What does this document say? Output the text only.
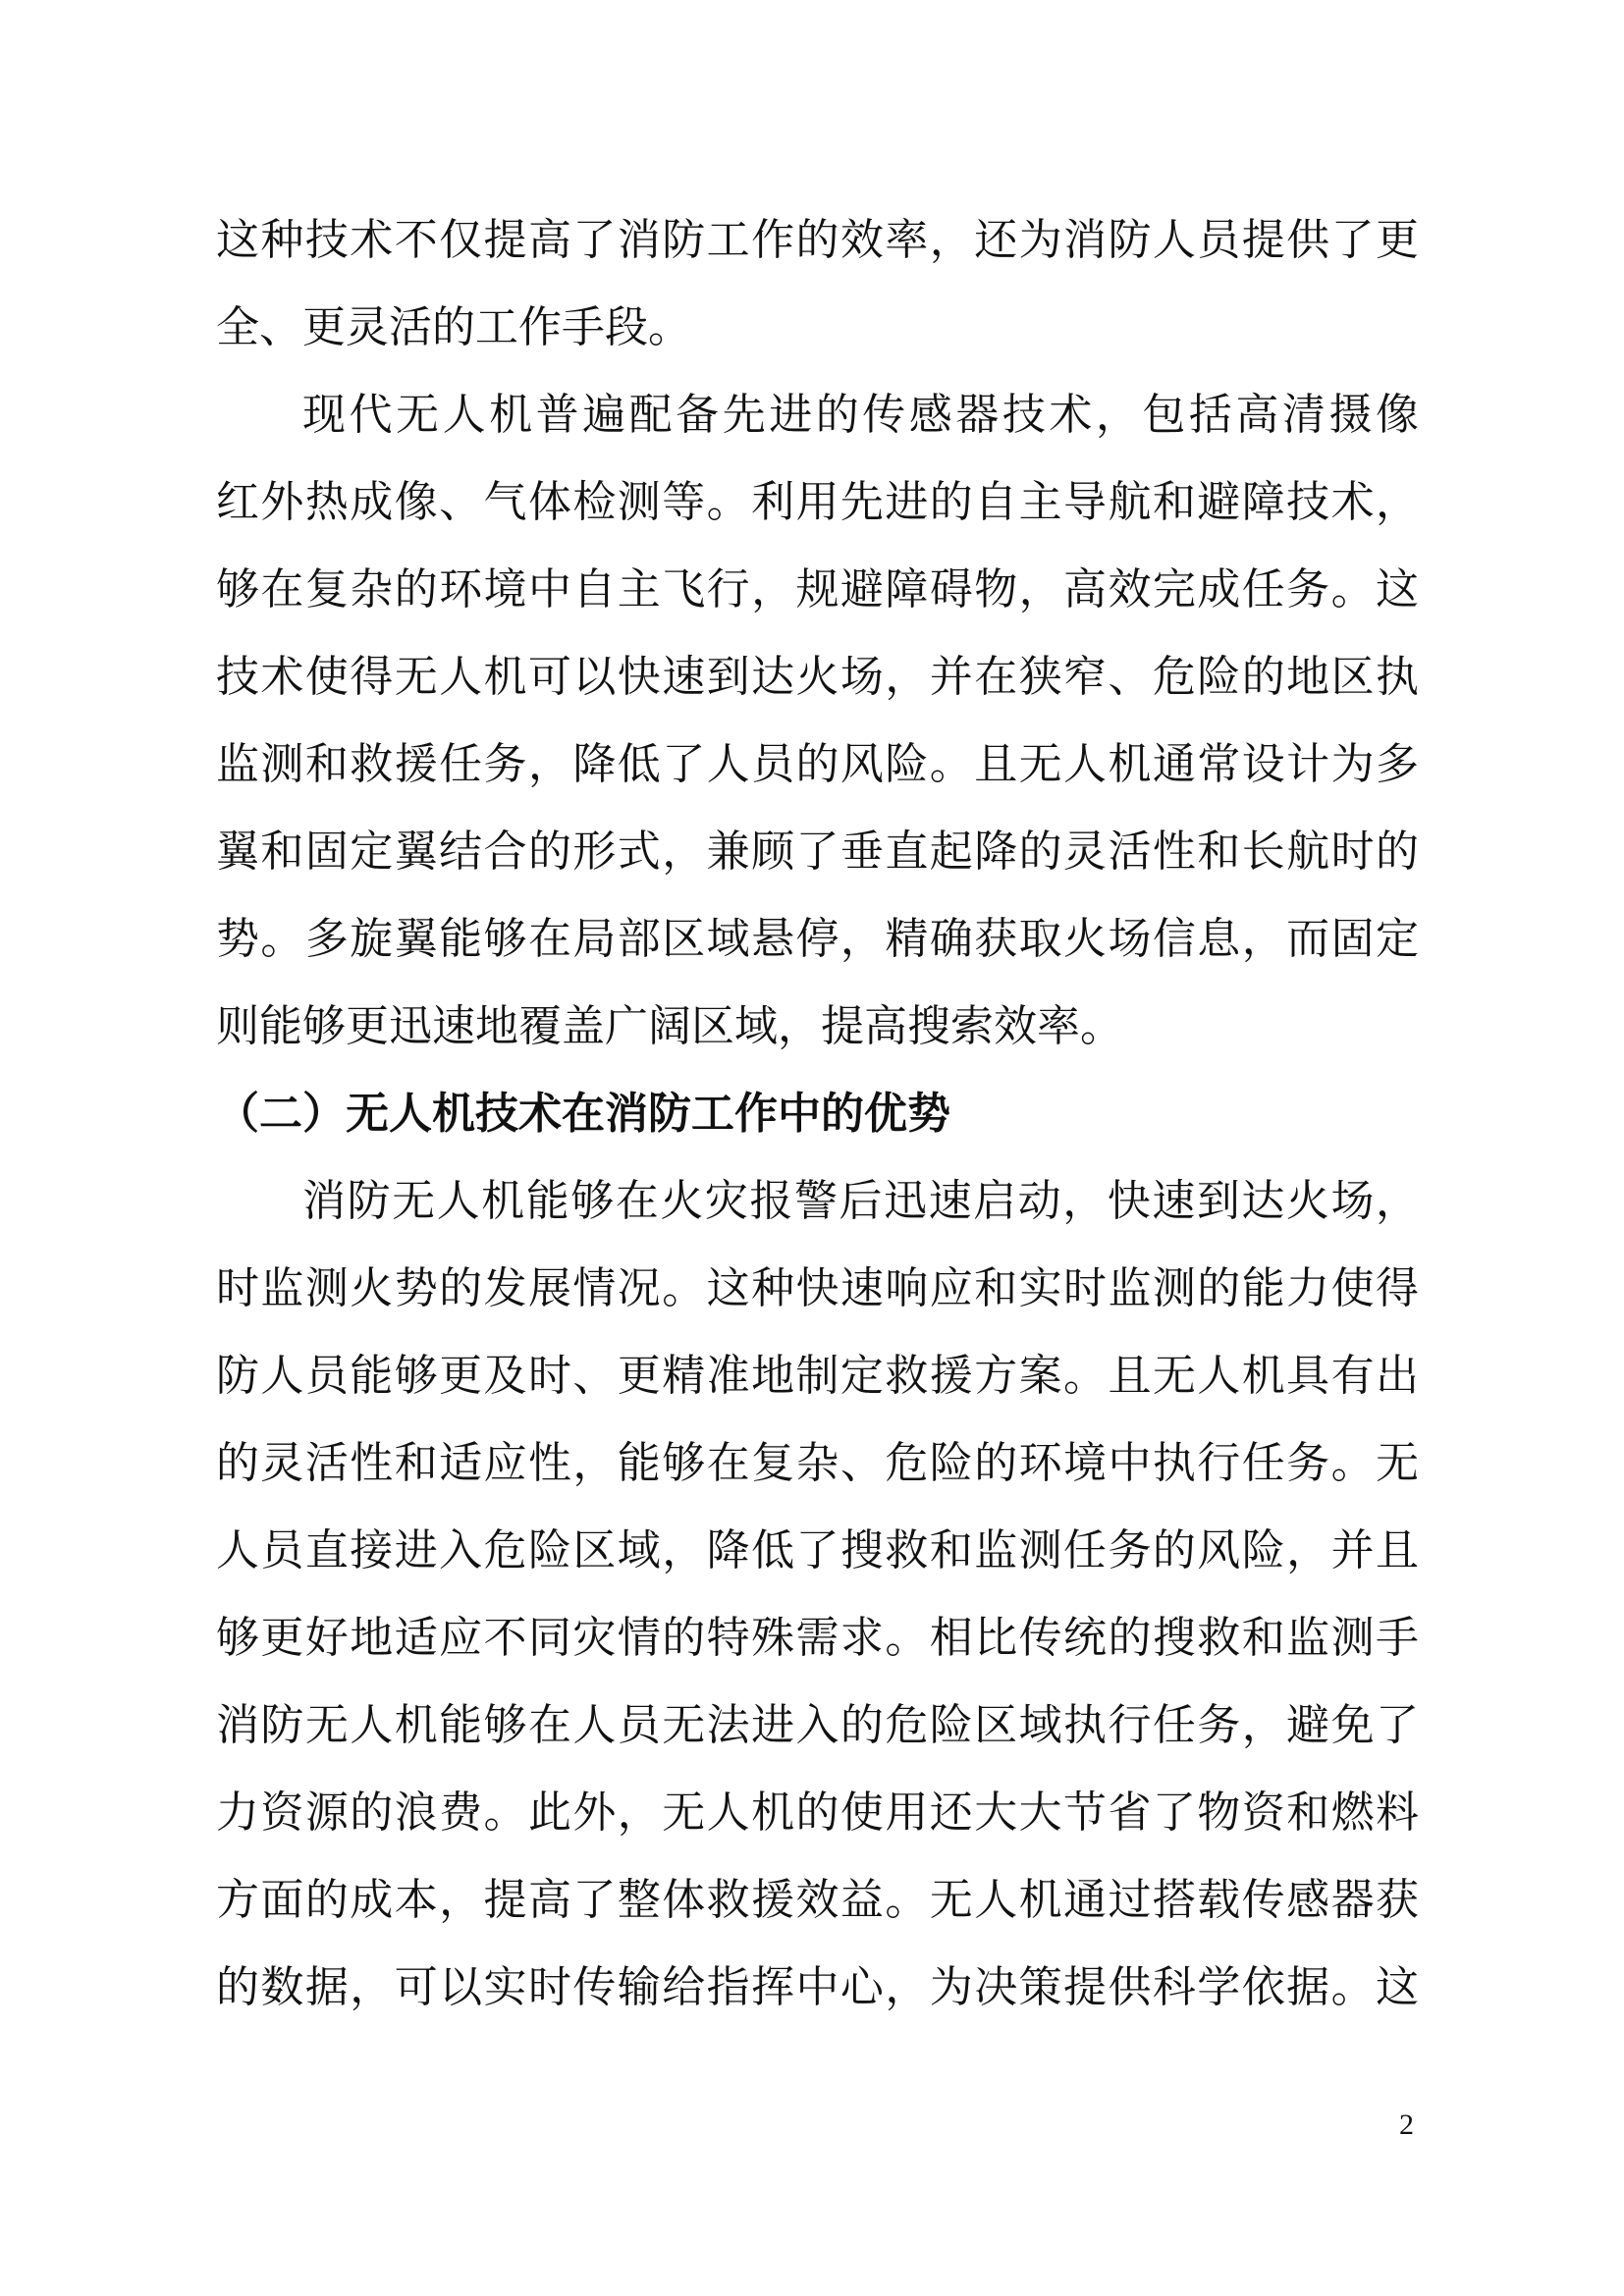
这种技术不仅提高了消防工作的效率，还为消防人员提供了更

全、更灵活的工作手段。

现代无人机普遍配备先进的传感器技术，包括高清摄像

红外热成像、气体检测等。利用先进的自主导航和避障技术，

够在复杂的环境中自主飞行，规避障碍物，高效完成任务。这

技术使得无人机可以快速到达火场，并在狭窄、危险的地区执

监测和救援任务，降低了人员的风险。且无人机通常设计为多

翼和固定翼结合的形式，兼顾了垂直起降的灵活性和长航时的

势。多旋翼能够在局部区域悬停，精确获取火场信息，而固定

则能够更迅速地覆盖广阔区域，提高搜索效率。

（二）无人机技术在消防工作中的优势

消防无人机能够在火灾报警后迅速启动，快速到达火场，

时监测火势的发展情况。这种快速响应和实时监测的能力使得

防人员能够更及时、更精准地制定救援方案。且无人机具有出

的灵活性和适应性，能够在复杂、危险的环境中执行任务。无

人员直接进入危险区域，降低了搜救和监测任务的风险，并且

够更好地适应不同灾情的特殊需求。相比传统的搜救和监测手

消防无人机能够在人员无法进入的危险区域执行任务，避免了

力资源的浪费。此外，无人机的使用还大大节省了物资和燃料

方面的成本，提高了整体救援效益。无人机通过搭载传感器获

的数据，可以实时传输给指挥中心，为决策提供科学依据。这

2
